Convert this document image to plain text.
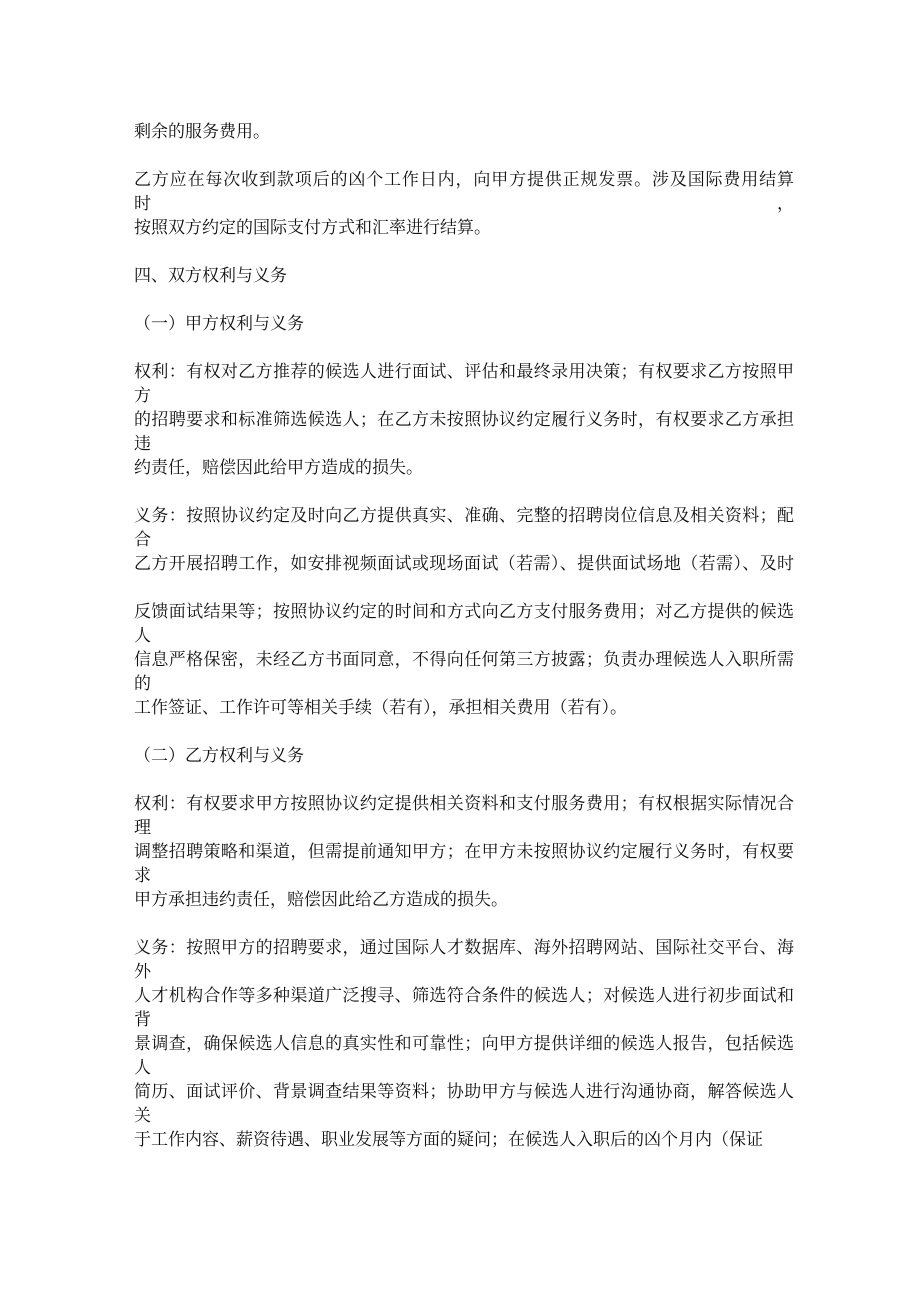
剩余的服务费用。
乙方应在每次收到款项后的凶个工作日内，向甲方提供正规发票。涉及国际费用结算时，
按照双方约定的国际支付方式和汇率进行结算。
四、双方权利与义务
（一）甲方权利与义务
权利：有权对乙方推荐的候选人进行面试、评估和最终录用决策；有权要求乙方按照甲方
的招聘要求和标准筛选候选人；在乙方未按照协议约定履行义务时，有权要求乙方承担违
约责任，赔偿因此给甲方造成的损失。
义务：按照协议约定及时向乙方提供真实、准确、完整的招聘岗位信息及相关资料；配合
乙方开展招聘工作，如安排视频面试或现场面试（若需）、提供面试场地（若需）、及时
反馈面试结果等；按照协议约定的时间和方式向乙方支付服务费用；对乙方提供的候选人
信息严格保密，未经乙方书面同意，不得向任何第三方披露；负责办理候选人入职所需的
工作签证、工作许可等相关手续（若有），承担相关费用（若有）。
（二）乙方权利与义务
权利：有权要求甲方按照协议约定提供相关资料和支付服务费用；有权根据实际情况合理
调整招聘策略和渠道，但需提前通知甲方；在甲方未按照协议约定履行义务时，有权要求
甲方承担违约责任，赔偿因此给乙方造成的损失。
义务：按照甲方的招聘要求，通过国际人才数据库、海外招聘网站、国际社交平台、海外
人才机构合作等多种渠道广泛搜寻、筛选符合条件的候选人；对候选人进行初步面试和背
景调查，确保候选人信息的真实性和可靠性；向甲方提供详细的候选人报告，包括候选人
简历、面试评价、背景调查结果等资料；协助甲方与候选人进行沟通协商，解答候选人关
于工作内容、薪资待遇、职业发展等方面的疑问；在候选人入职后的凶个月内（保证
